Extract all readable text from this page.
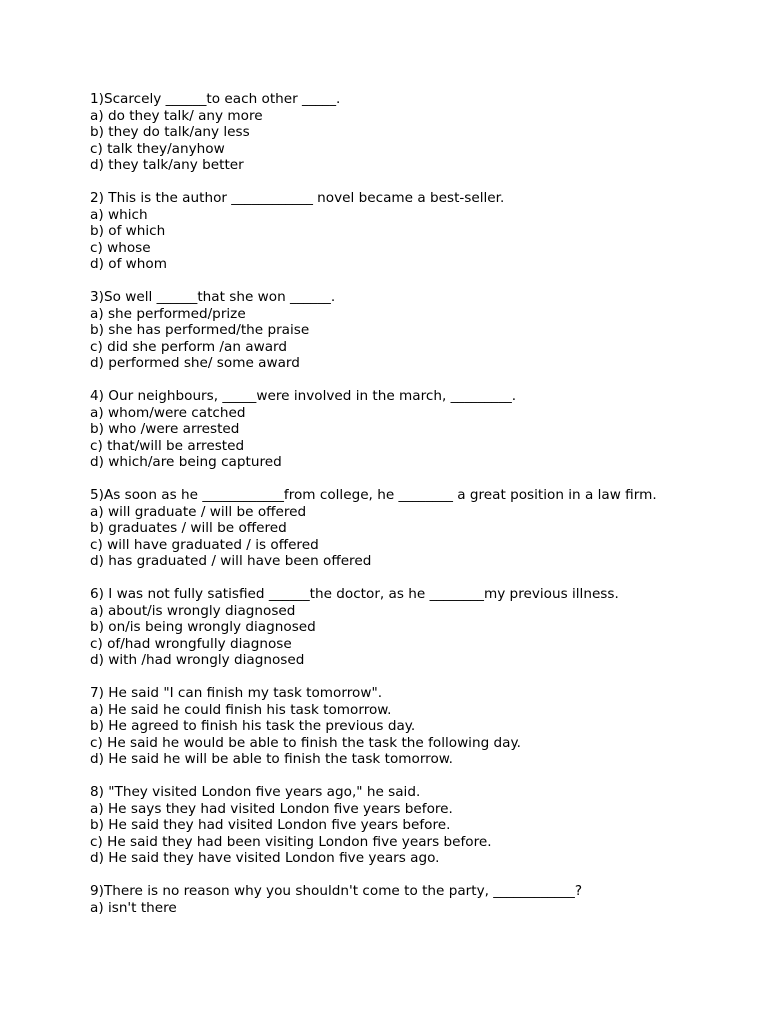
1)Scarcely ______to each other _____.
a) do they talk/ any more
b) they do talk/any less
c) talk they/anyhow
d) they talk/any better
2) This is the author ____________ novel became a best-seller.
a) which
b) of which
c) whose
d) of whom
3)So well ______that she won ______.
a) she performed/prize
b) she has performed/the praise
c) did she perform /an award
d) performed she/ some award
4) Our neighbours, _____were involved in the march, _________.
a) whom/were catched
b) who /were arrested
c) that/will be arrested
d) which/are being captured
5)As soon as he ____________from college, he ________ a great position in a law firm.
a) will graduate / will be offered
b) graduates / will be offered
c) will have graduated / is offered
d) has graduated / will have been offered
6) I was not fully satisfied ______the doctor, as he ________my previous illness.
a) about/is wrongly diagnosed
b) on/is being wrongly diagnosed
c) of/had wrongfully diagnose
d) with /had wrongly diagnosed
7) He said "I can finish my task tomorrow".
a) He said he could finish his task tomorrow.
b) He agreed to finish his task the previous day.
c) He said he would be able to finish the task the following day.
d) He said he will be able to finish the task tomorrow.
8) "They visited London five years ago," he said.
a) He says they had visited London five years before.
b) He said they had visited London five years before.
c) He said they had been visiting London five years before.
d) He said they have visited London five years ago.
9)There is no reason why you shouldn't come to the party, ____________?
a) isn't there
